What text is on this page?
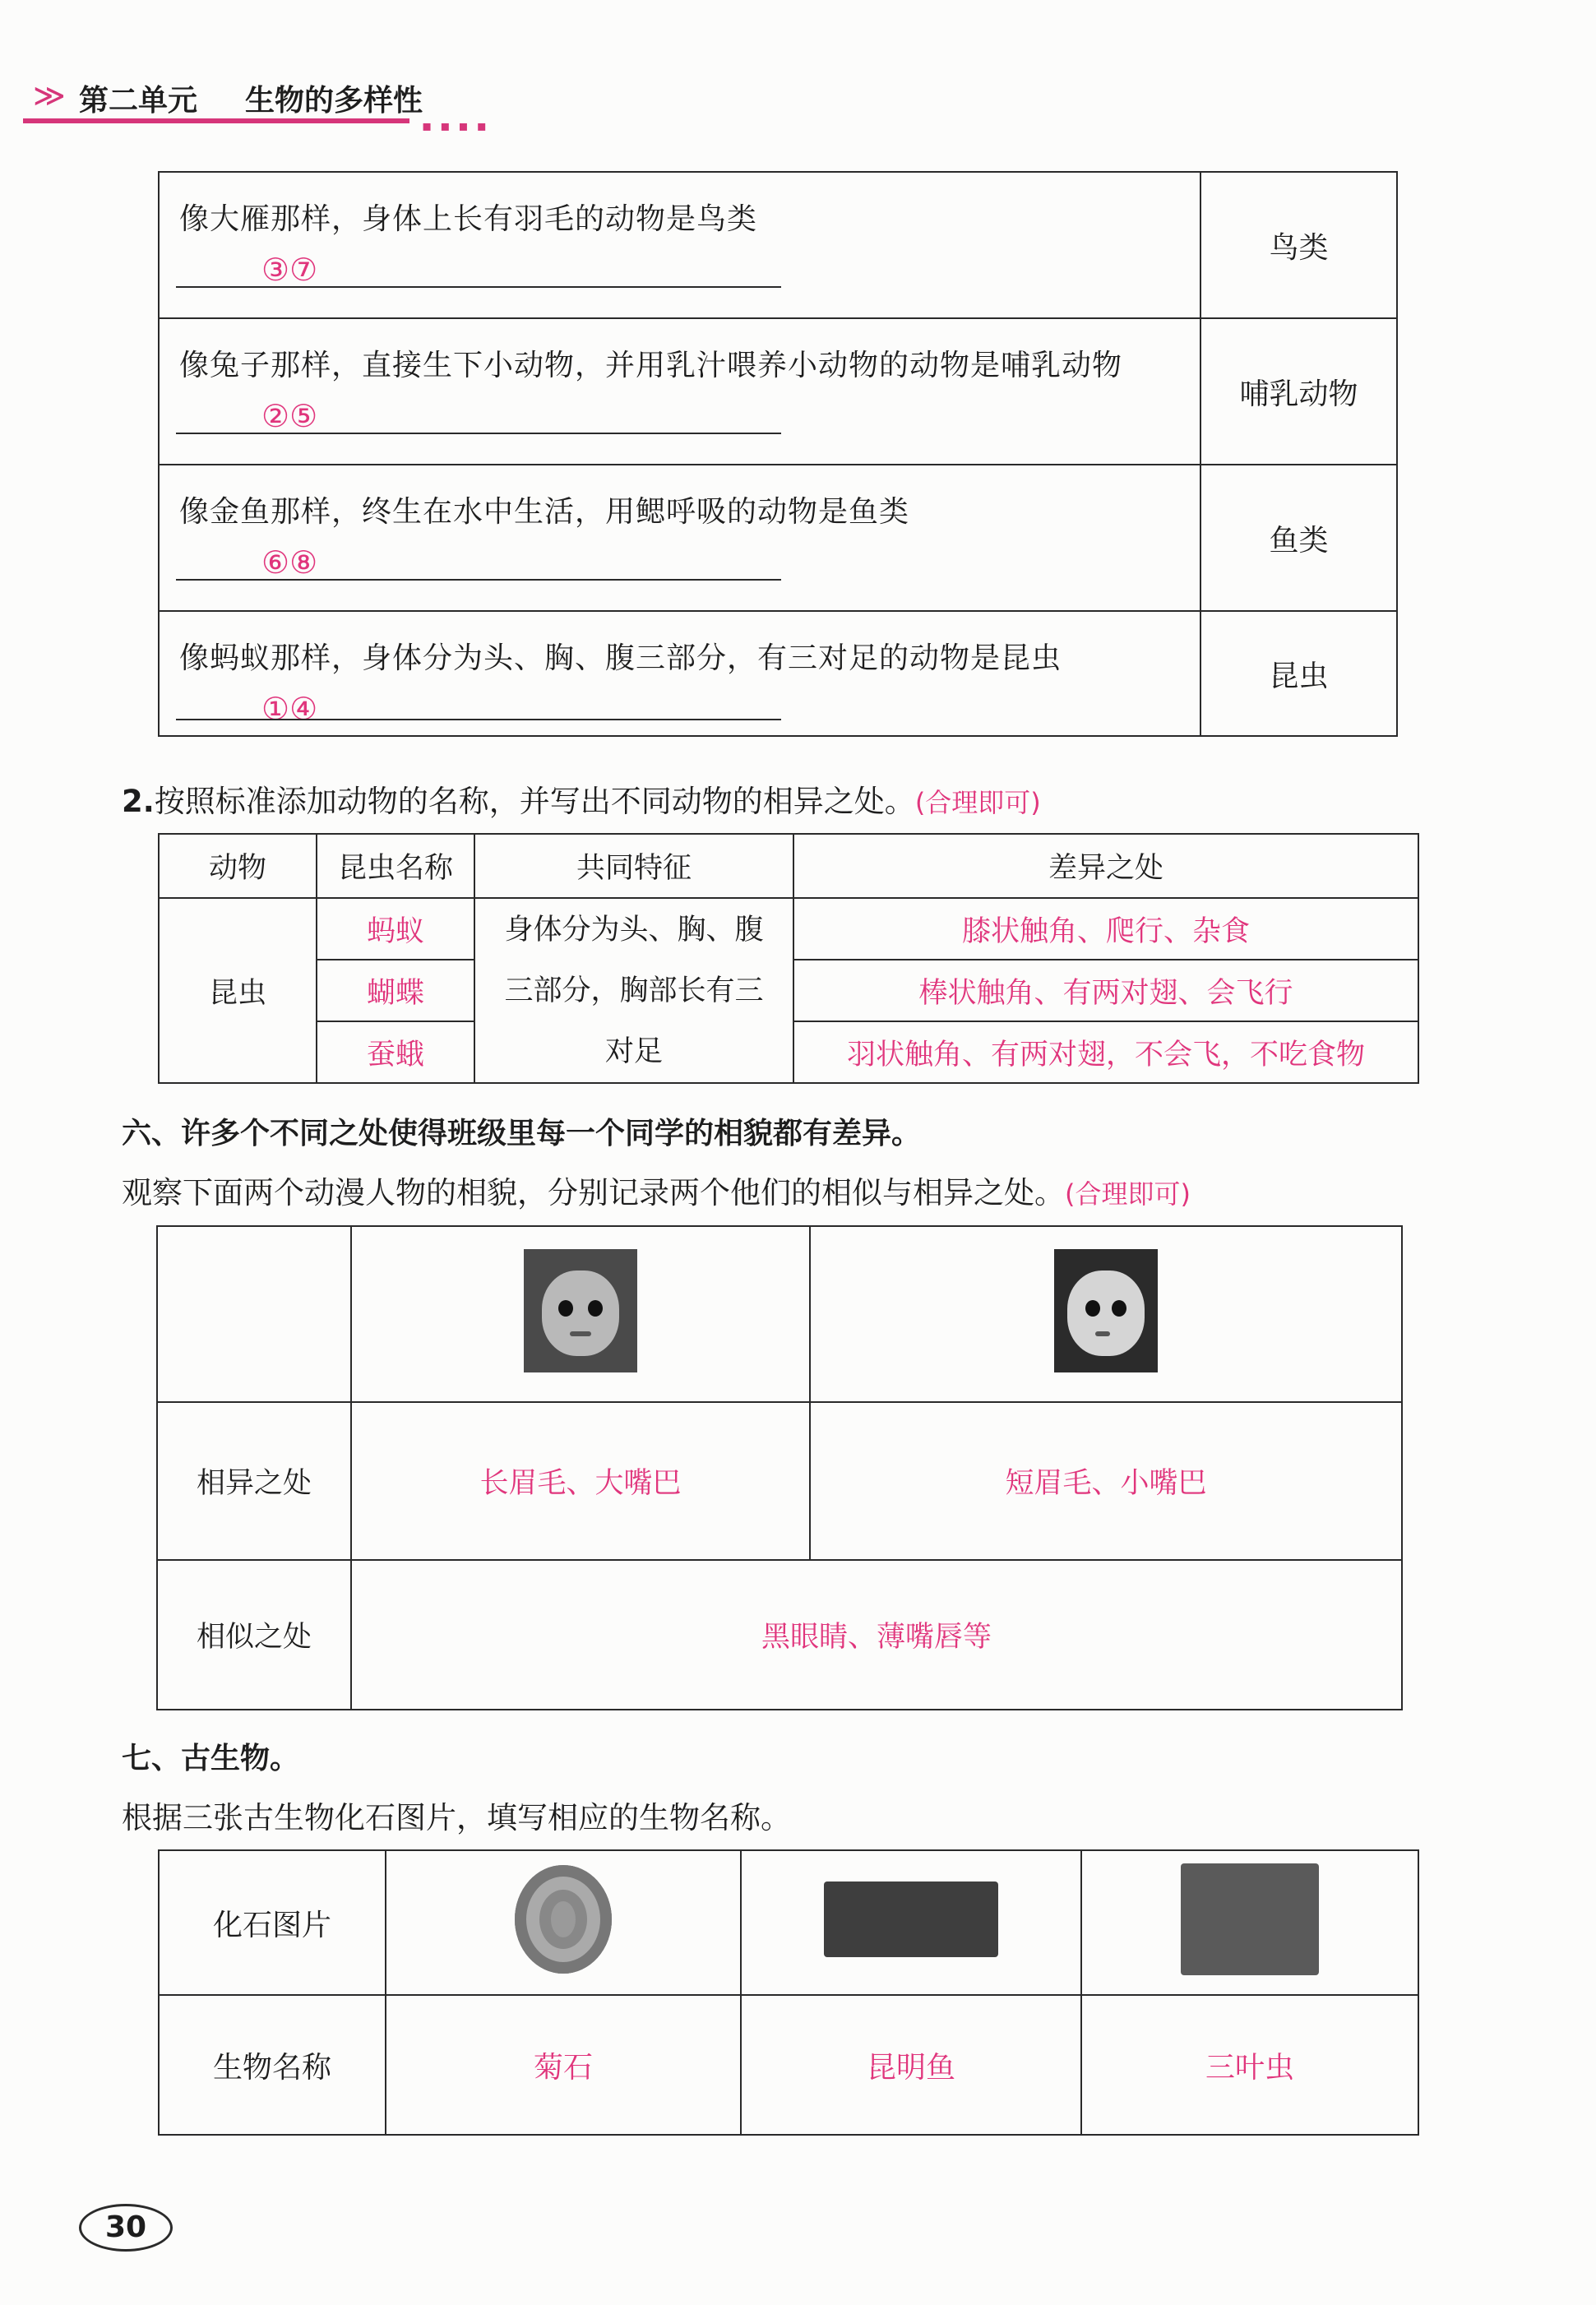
≫ 第二单元 生物的多样性
▪▪▪▪
像大雁那样，身体上长有羽毛的动物是鸟类
③⑦	鸟类

像兔子那样，直接生下小动物，并用乳汁喂养小动物的动物是哺乳动物
②⑤	哺乳动物

像金鱼那样，终生在水中生活，用鳃呼吸的动物是鱼类
⑥⑧	鱼类

像蚂蚁那样，身体分为头、胸、腹三部分，有三对足的动物是昆虫
①④	昆虫
2.按照标准添加动物的名称，并写出不同动物的相异之处。(合理即可)
动物	昆虫名称	共同特征	差异之处
昆虫	蚂蚁	身体分为头、胸、腹
三部分，胸部长有三
对足	膝状触角、爬行、杂食
	蝴蝶		棒状触角、有两对翅、会飞行
	蚕蛾		羽状触角、有两对翅，不会飞，不吃食物
六、许多个不同之处使得班级里每一个同学的相貌都有差异。
观察下面两个动漫人物的相貌，分别记录两个他们的相似与相异之处。(合理即可)

相异之处	长眉毛、大嘴巴	短眉毛、小嘴巴
相似之处	黑眼睛、薄嘴唇等	
七、古生物。
根据三张古生物化石图片，填写相应的生物名称。
化石图片			
生物名称	菊石	昆明鱼	三叶虫
30
